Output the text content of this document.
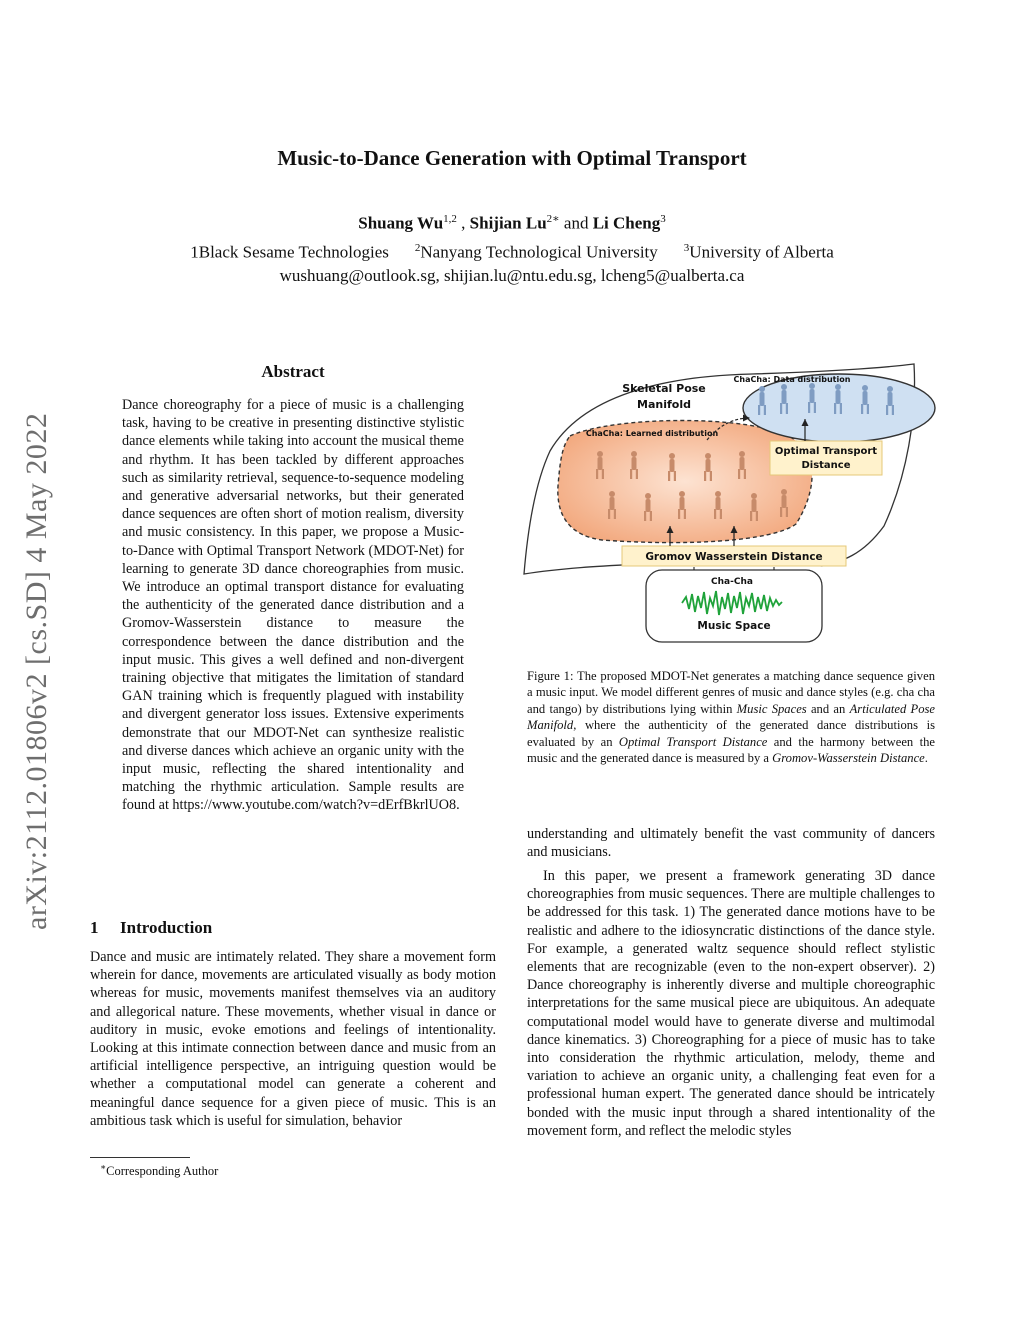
Music-to-Dance Generation with Optimal Transport
Shuang Wu$^{1,2}$ , Shijian $Lu^{2∗}$ and Li Cheng$^3$
1Black Sesame Technologies $^2$Nanyang Technological University $^3$University of Alberta
wushuang@outlook.sg, shijian.lu@ntu.edu.sg, lcheng5@ualberta.ca
arXiv:2112.01806v2 [cs.SD] 4 May 2022
Abstract
Dance choreography for a piece of music is a challenging task, having to be creative in presenting distinctive stylistic dance elements while taking into account the musical theme and rhythm. It has been tackled by different approaches such as similarity retrieval, sequence-to-sequence modeling and generative adversarial networks, but their generated dance sequences are often short of motion realism, diversity and music consistency. In this paper, we propose a Music-to-Dance with Optimal Transport Network (MDOT-Net) for learning to generate 3D dance choreographies from music. We introduce an optimal transport distance for evaluating the authenticity of the generated dance distribution and a Gromov-Wasserstein distance to measure the correspondence between the dance distribution and the input music. This gives a well defined and non-divergent training objective that mitigates the limitation of standard GAN training which is frequently plagued with instability and divergent generator loss issues. Extensive experiments demonstrate that our MDOT-Net can synthesize realistic and diverse dances which achieve an organic unity with the input music, reflecting the shared intentionality and matching the rhythmic articulation. Sample results are found at https://www.youtube.com/watch?v=dErfBkrlUO8.
1 Introduction
Dance and music are intimately related. They share a movement form wherein for dance, movements are articulated visually as body motion whereas for music, movements manifest themselves via an auditory and allegorical nature. These movements, whether visual in dance or auditory in music, evoke emotions and feelings of intentionality. Looking at this intimate connection between dance and music from an artificial intelligence perspective, an intriguing question would be whether a computational model can generate a coherent and meaningful dance sequence for a given piece of music. This is an ambitious task which is useful for simulation, behavior
∗Corresponding Author
Skeletal Pose
Manifold
ChaCha: Data distribution
ChaCha: Learned distribution
Optimal Transport
Distance
Gromov Wasserstein Distance
Cha-Cha
Music Space
Figure 1: The proposed MDOT-Net generates a matching dance sequence given a music input. We model different genres of music and dance styles (e.g. cha cha and tango) by distributions lying within Music Spaces and an Articulated Pose Manifold, where the authenticity of the generated dance distributions is evaluated by an Optimal Transport Distance and the harmony between the music and the generated dance is measured by a Gromov-Wasserstein Distance.
understanding and ultimately benefit the vast community of dancers and musicians.
In this paper, we present a framework generating 3D dance choreographies from music sequences. There are multiple challenges to be addressed for this task. 1) The generated dance motions have to be realistic and adhere to the idiosyncratic distinctions of the dance style. For example, a generated waltz sequence should reflect stylistic elements that are recognizable (even to the non-expert observer). 2) Dance choreography is inherently diverse and multiple choreographic interpretations for the same musical piece are ubiquitous. An adequate computational model would have to generate diverse and multimodal dance kinematics. 3) Choreographing for a piece of music has to take into consideration the rhythmic articulation, melody, theme and variation to achieve an organic unity, a challenging feat even for a professional human expert. The generated dance should be intricately bonded with the music input through a shared intentionality of the movement form, and reflect the melodic styles
